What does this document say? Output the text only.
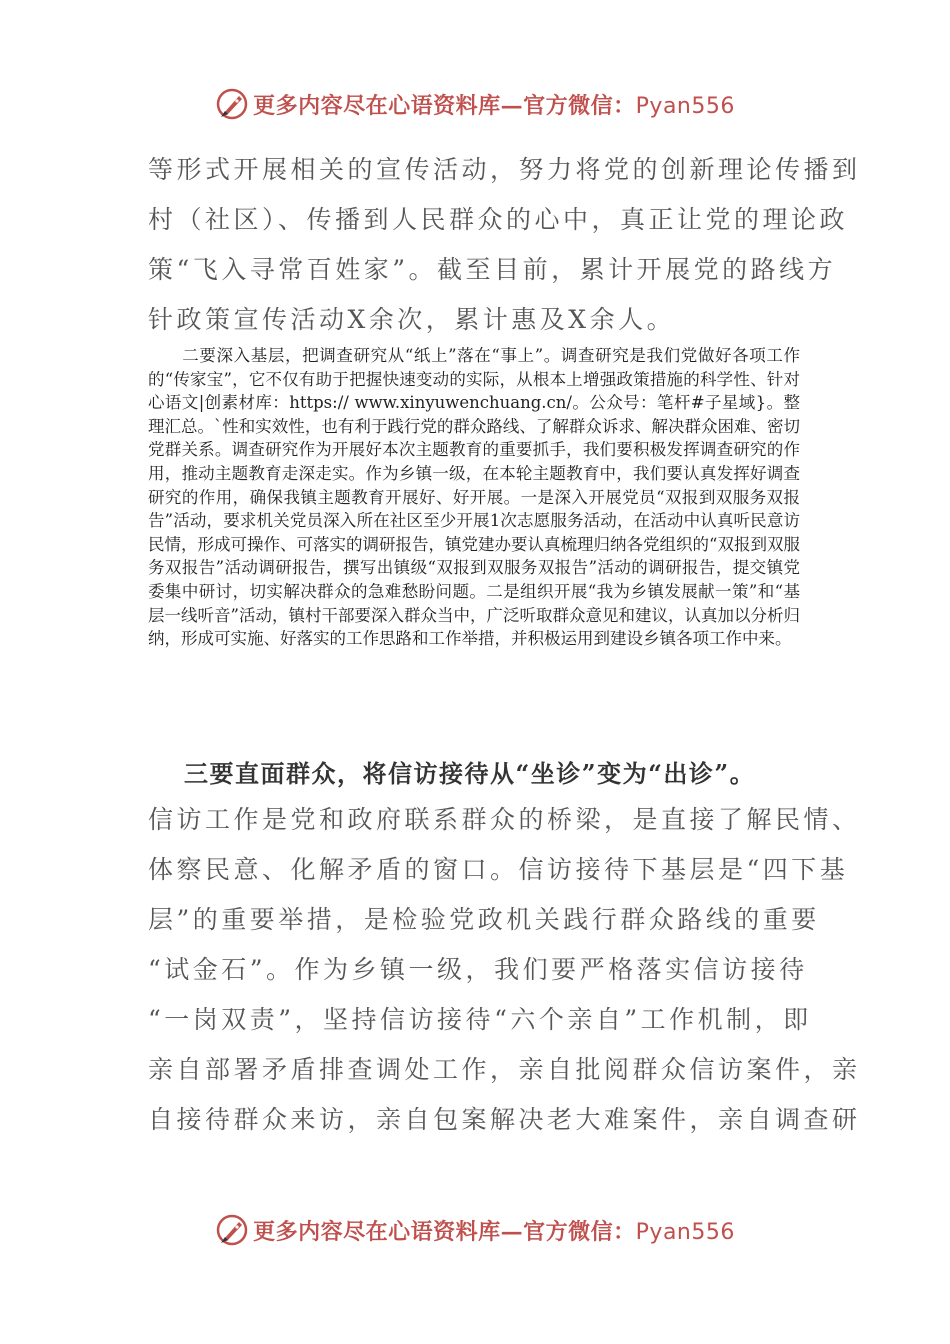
更多内容尽在心语资料库—官方微信：Pyan556
等形式开展相关的宣传活动，努力将党的创新理论传播到
村（社区）、传播到人民群众的心中，真正让党的理论政
策“飞入寻常百姓家”。截至目前，累计开展党的路线方
针政策宣传活动X余次，累计惠及X余人。

　　二要深入基层，把调查研究从“纸上”落在“事上”。调查研究是我们党做好各项工作的“传家宝”，它不仅有助于把握快速变动的实际，从根本上增强政策措施的科学性、针对心语文|创素材库：https:// www.xinyuwenchuang.cn/。公众号：笔杆#子星域}。整理汇总。`性和实效性，也有利于践行党的群众路线、了解群众诉求、解决群众困难、密切党群关系。调查研究作为开展好本次主题教育的重要抓手，我们要积极发挥调查研究的作用，推动主题教育走深走实。作为乡镇一级，在本轮主题教育中，我们要认真发挥好调查研究的作用，确保我镇主题教育开展好、好开展。一是深入开展党员“双报到双服务双报告”活动，要求机关党员深入所在社区至少开展1次志愿服务活动，在活动中认真听民意访民情，形成可操作、可落实的调研报告，镇党建办要认真梳理归纳各党组织的“双报到双服务双报告”活动调研报告，撰写出镇级“双报到双服务双报告”活动的调研报告，提交镇党委集中研讨，切实解决群众的急难愁盼问题。二是组织开展“我为乡镇发展献一策”和“基层一线听音”活动，镇村干部要深入群众当中，广泛听取群众意见和建议，认真加以分析归纳，形成可实施、好落实的工作思路和工作举措，并积极运用到建设乡镇各项工作中来。

三要直面群众，将信访接待从“坐诊”变为“出诊”。
信访工作是党和政府联系群众的桥梁，是直接了解民情、
体察民意、化解矛盾的窗口。信访接待下基层是“四下基
层”的重要举措，是检验党政机关践行群众路线的重要
“试金石”。作为乡镇一级，我们要严格落实信访接待
“一岗双责”，坚持信访接待“六个亲自”工作机制，即
亲自部署矛盾排查调处工作，亲自批阅群众信访案件，亲
自接待群众来访，亲自包案解决老大难案件，亲自调查研
更多内容尽在心语资料库—官方微信：Pyan556
